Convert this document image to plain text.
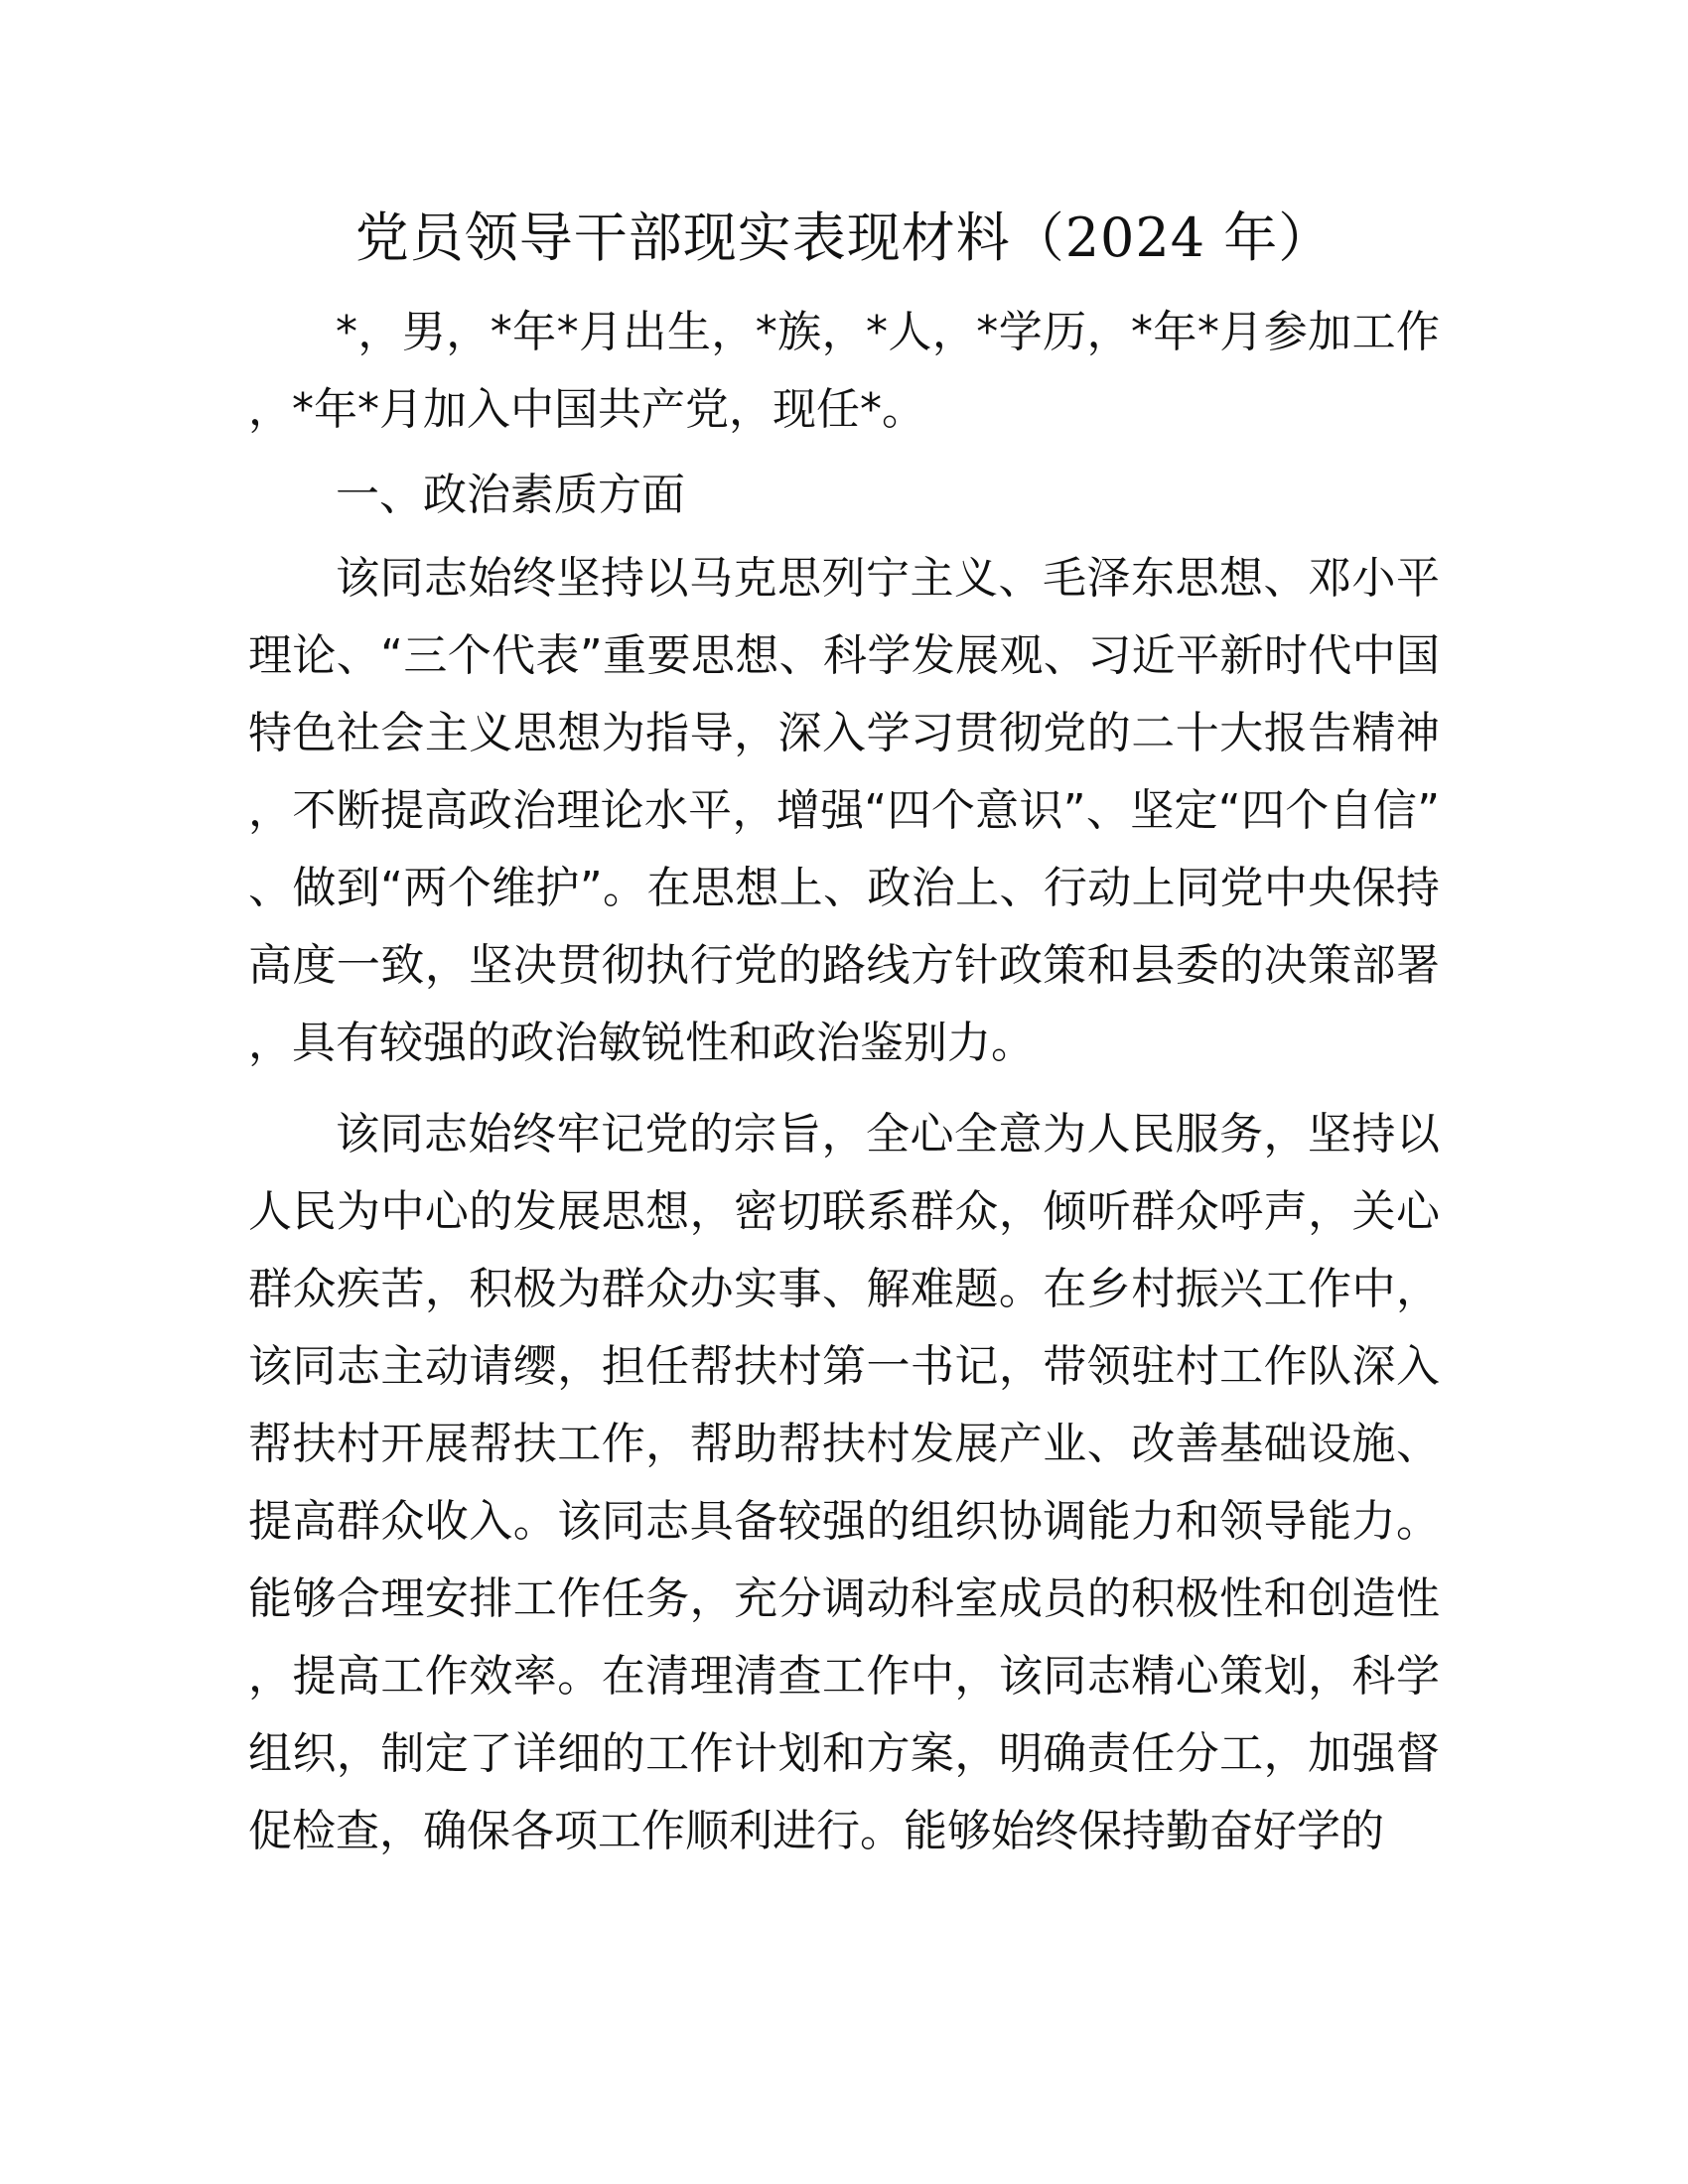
党员领导干部现实表现材料（2024 年）

*，男，*年*月出生，*族，*人，*学历，*年*月参加工作，*年*月加入中国共产党，现任*。

一、政治素质方面

该同志始终坚持以马克思列宁主义、毛泽东思想、邓小平理论、“三个代表”重要思想、科学发展观、习近平新时代中国特色社会主义思想为指导，深入学习贯彻党的二十大报告精神，不断提高政治理论水平，增强“四个意识”、坚定“四个自信”、做到“两个维护”。在思想上、政治上、行动上同党中央保持高度一致，坚决贯彻执行党的路线方针政策和县委的决策部署，具有较强的政治敏锐性和政治鉴别力。

该同志始终牢记党的宗旨，全心全意为人民服务，坚持以人民为中心的发展思想，密切联系群众，倾听群众呼声，关心群众疾苦，积极为群众办实事、解难题。在乡村振兴工作中，该同志主动请缨，担任帮扶村第一书记，带领驻村工作队深入帮扶村开展帮扶工作，帮助帮扶村发展产业、改善基础设施、提高群众收入。该同志具备较强的组织协调能力和领导能力。能够合理安排工作任务，充分调动科室成员的积极性和创造性，提高工作效率。在清理清查工作中，该同志精心策划，科学组织，制定了详细的工作计划和方案，明确责任分工，加强督促检查，确保各项工作顺利进行。能够始终保持勤奋好学的
